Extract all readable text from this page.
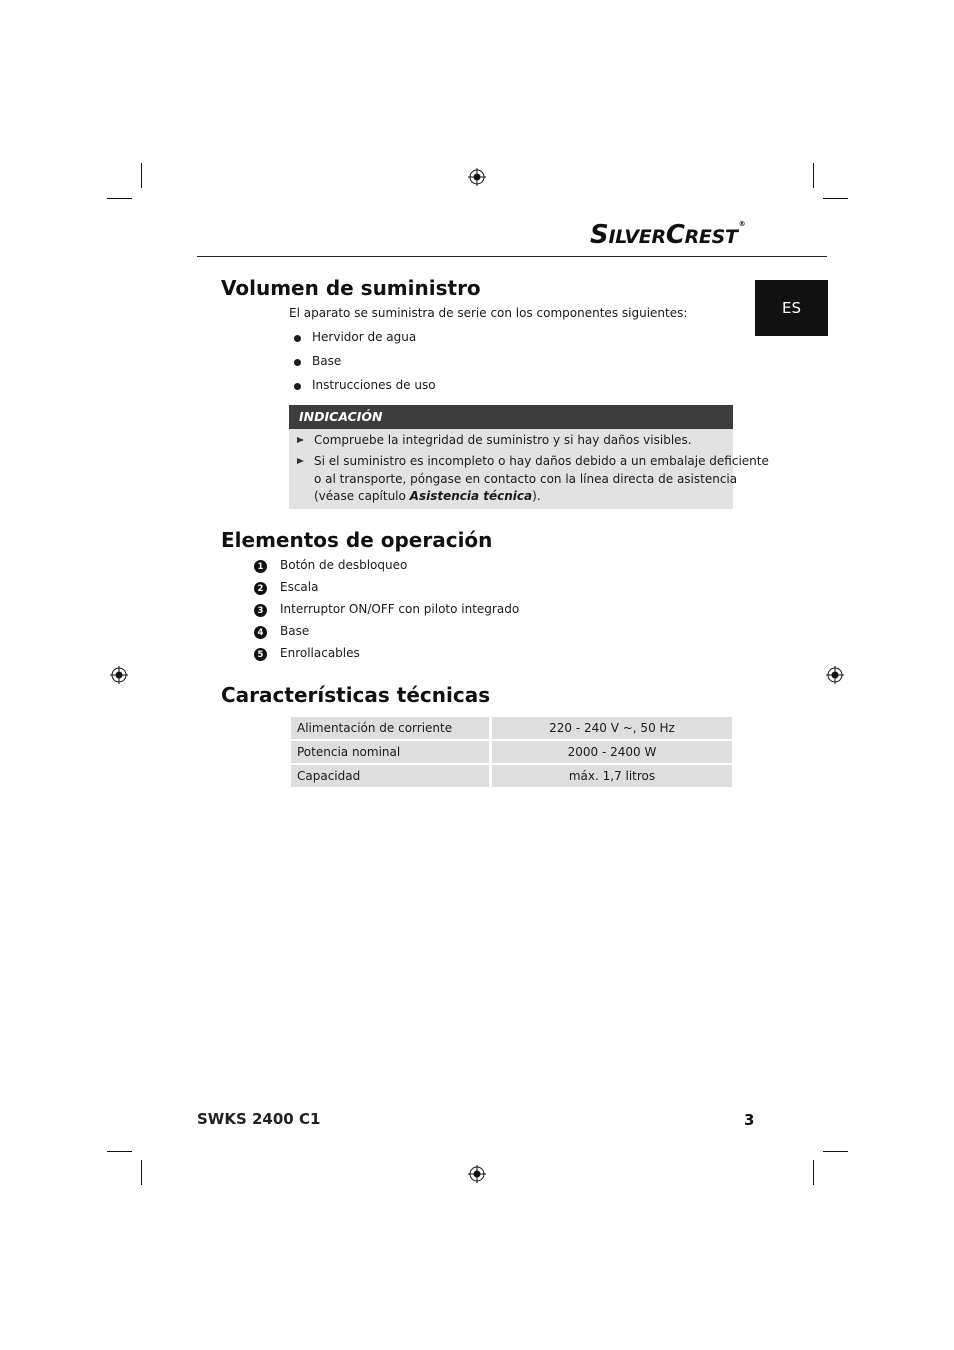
SILVERCREST®
ES
Volumen de suministro
El aparato se suministra de serie con los componentes siguientes:
Hervidor de agua
Base
Instrucciones de uso
INDICACIÓN
Compruebe la integridad de suministro y si hay daños visibles.
Si el suministro es incompleto o hay daños debido a un embalaje deficiente
o al transporte, póngase en contacto con la línea directa de asistencia
(véase capítulo Asistencia técnica).
Elementos de operación
1 Botón de desbloqueo
2 Escala
3 Interruptor ON/OFF con piloto integrado
4 Base
5 Enrollacables
Características técnicas
Alimentación de corriente	220 - 240 V ~, 50 Hz
Potencia nominal	2000 - 2400 W
Capacidad	máx. 1,7 litros
SWKS 2400 C1	3
